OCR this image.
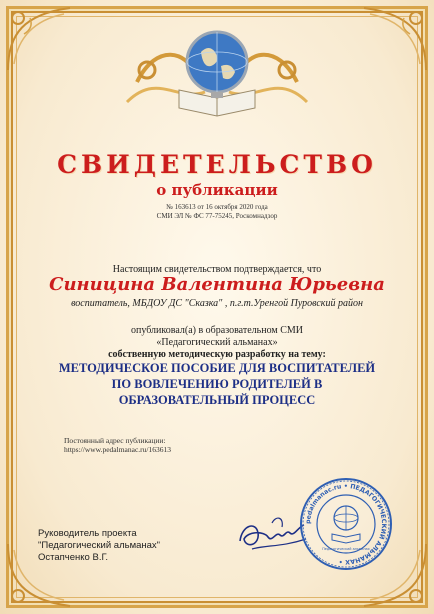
СВИДЕТЕЛЬСТВО
о публикации
№ 163613 от 16 октября 2020 года
СМИ ЭЛ № ФС 77-75245, Роскомнадзор
Настоящим свидетельством подтверждается, что
Синицина Валентина Юрьевна
воспитатель, МБДОУ ДС "Сказка" , п.г.т.Уренгой Пуровский район
опубликовал(а) в образовательном СМИ
«Педагогический альманах»
собственную методическую разработку на тему:
МЕТОДИЧЕСКОЕ ПОСОБИЕ ДЛЯ ВОСПИТАТЕЛЕЙ ПО ВОВЛЕЧЕНИЮ РОДИТЕЛЕЙ В ОБРАЗОВАТЕЛЬНЫЙ ПРОЦЕСС
Постоянный адрес публикации:
https://www.pedalmanac.ru/163613
Руководитель проекта
"Педагогический альманах"
Остапченко В.Г.
pedalmanac.ru • ПЕДАГОГИЧЕСКИЙ АЛЬМАНАХ •
Педагогический альманах
